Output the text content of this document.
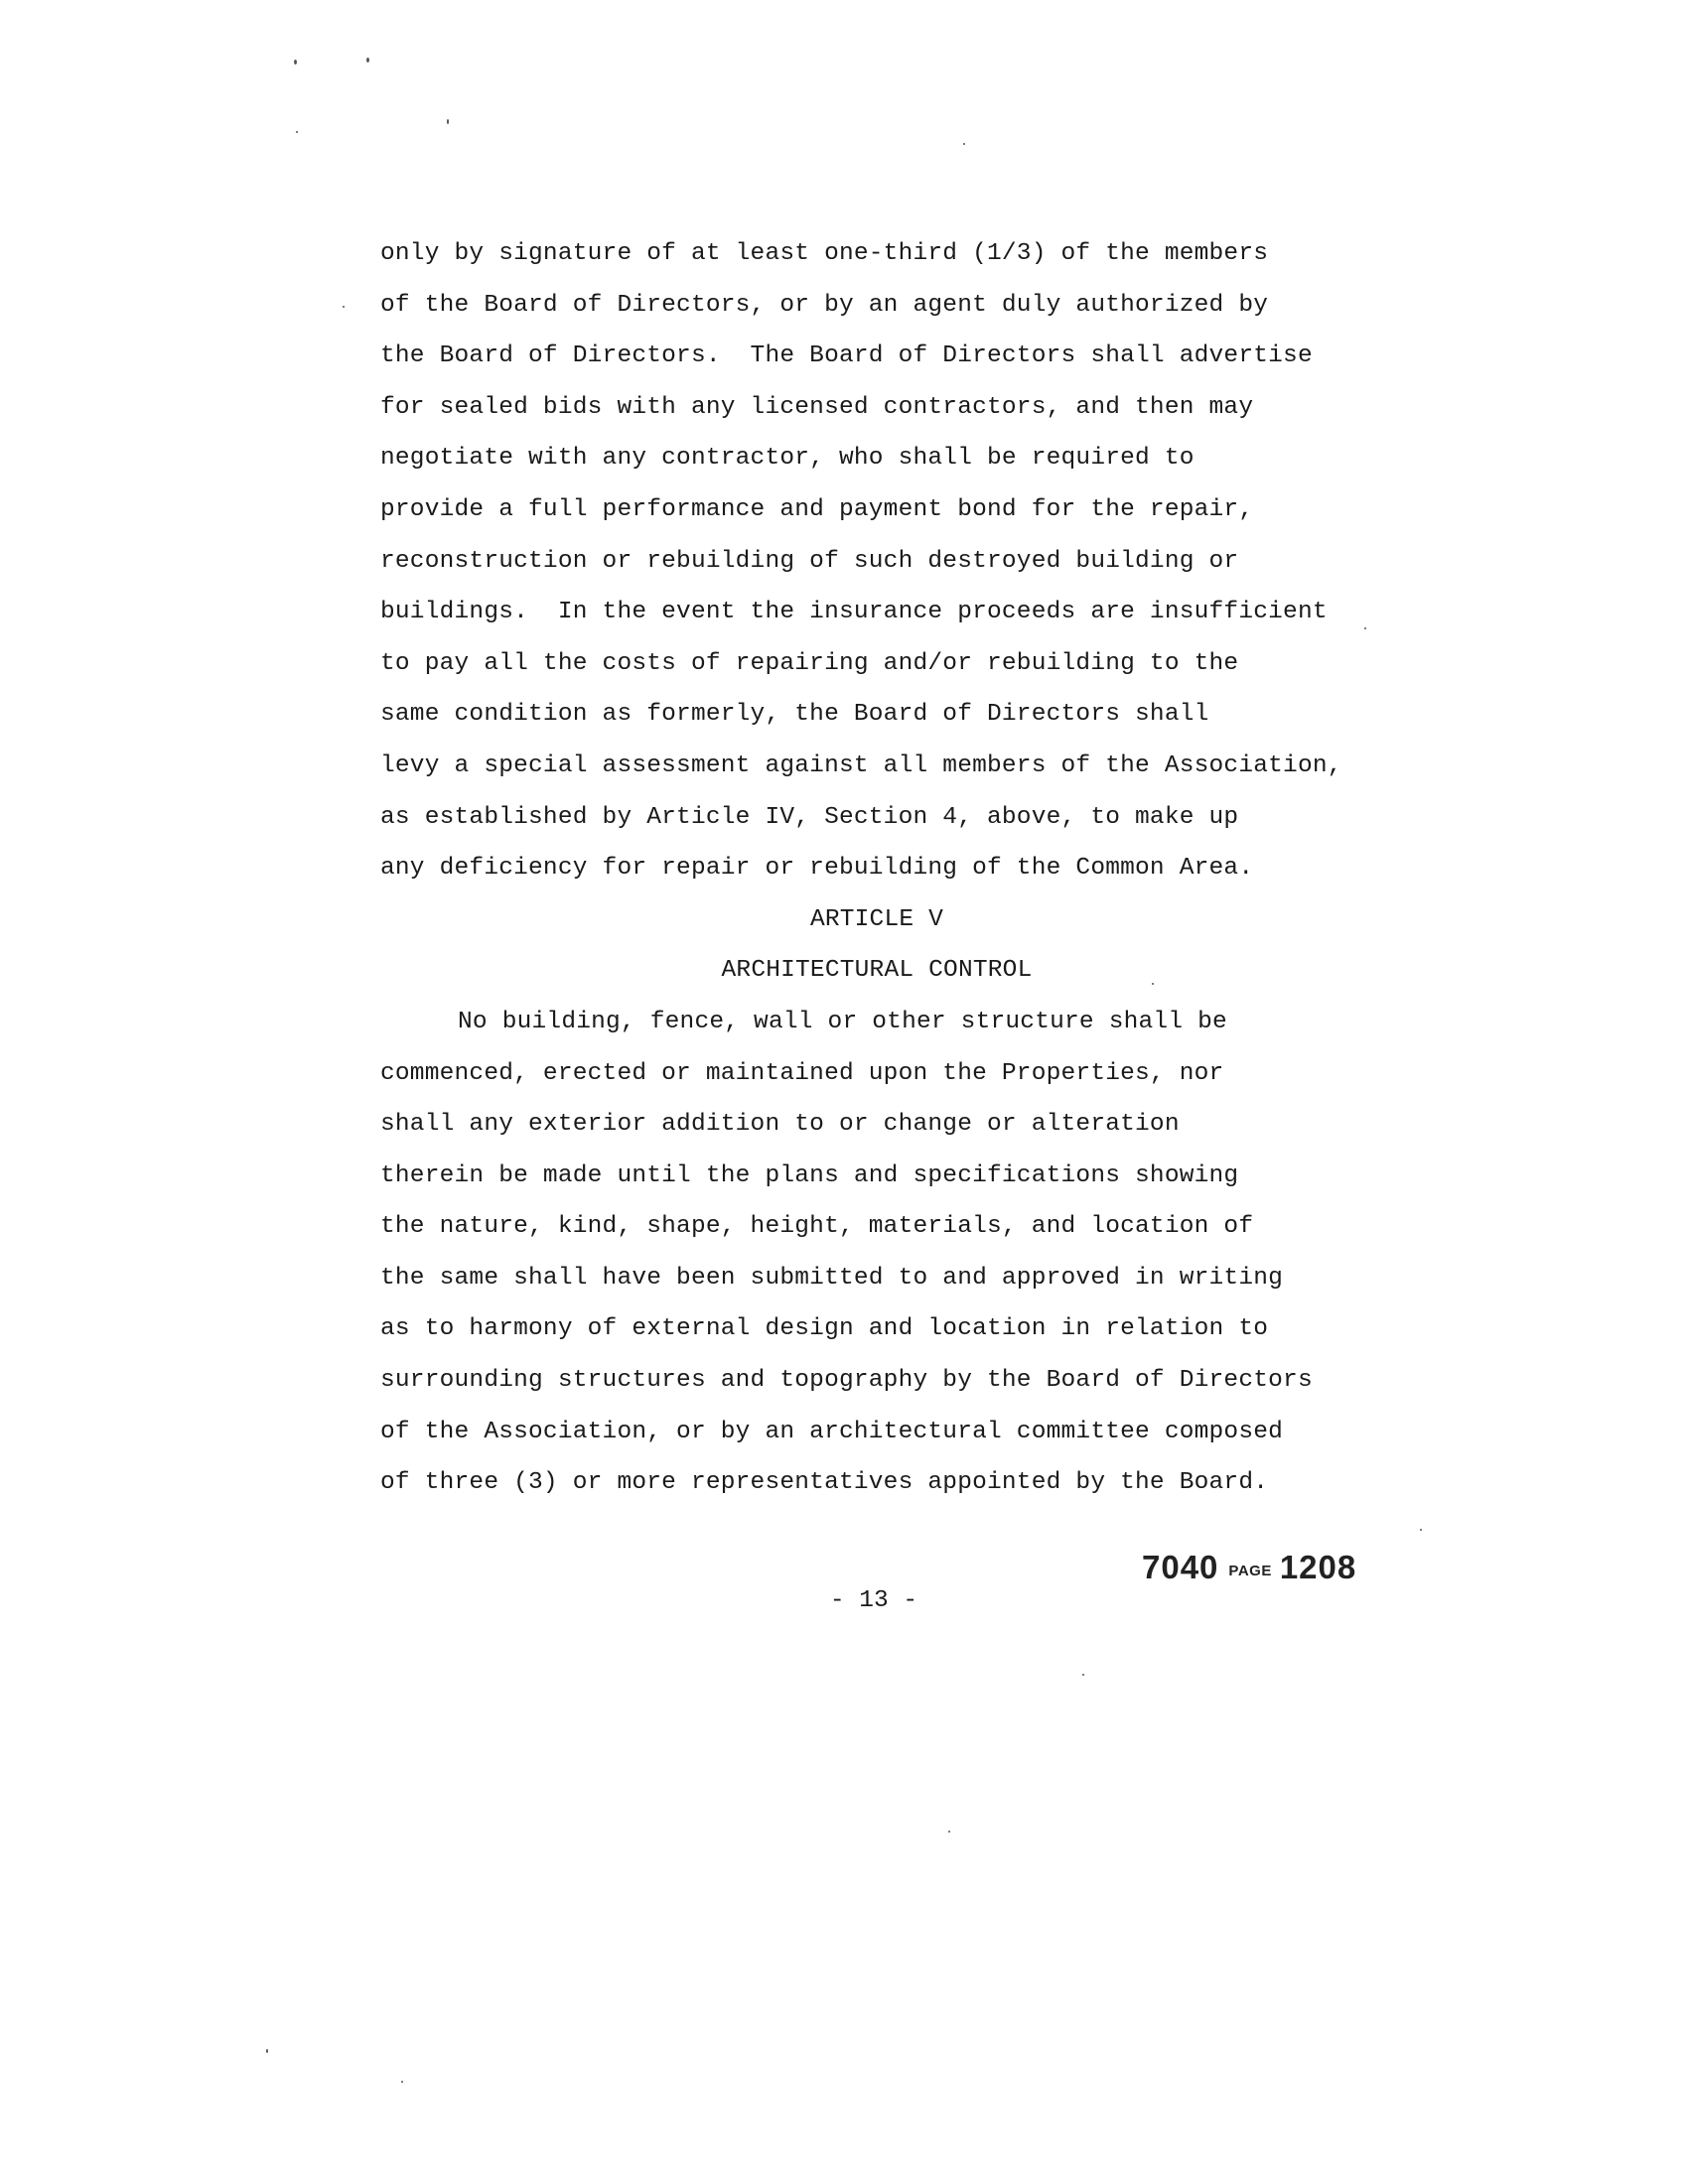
only by signature of at least one-third (1/3) of the members
of the Board of Directors, or by an agent duly authorized by
the Board of Directors.  The Board of Directors shall advertise
for sealed bids with any licensed contractors, and then may
negotiate with any contractor, who shall be required to
provide a full performance and payment bond for the repair,
reconstruction or rebuilding of such destroyed building or
buildings.  In the event the insurance proceeds are insufficient
to pay all the costs of repairing and/or rebuilding to the
same condition as formerly, the Board of Directors shall
levy a special assessment against all members of the Association,
as established by Article IV, Section 4, above, to make up
any deficiency for repair or rebuilding of the Common Area.
ARTICLE V
ARCHITECTURAL CONTROL
No building, fence, wall or other structure shall be
commenced, erected or maintained upon the Properties, nor
shall any exterior addition to or change or alteration
therein be made until the plans and specifications showing
the nature, kind, shape, height, materials, and location of
the same shall have been submitted to and approved in writing
as to harmony of external design and location in relation to
surrounding structures and topography by the Board of Directors
of the Association, or by an architectural committee composed
of three (3) or more representatives appointed by the Board.
7040 PAGE 1208
- 13 -
